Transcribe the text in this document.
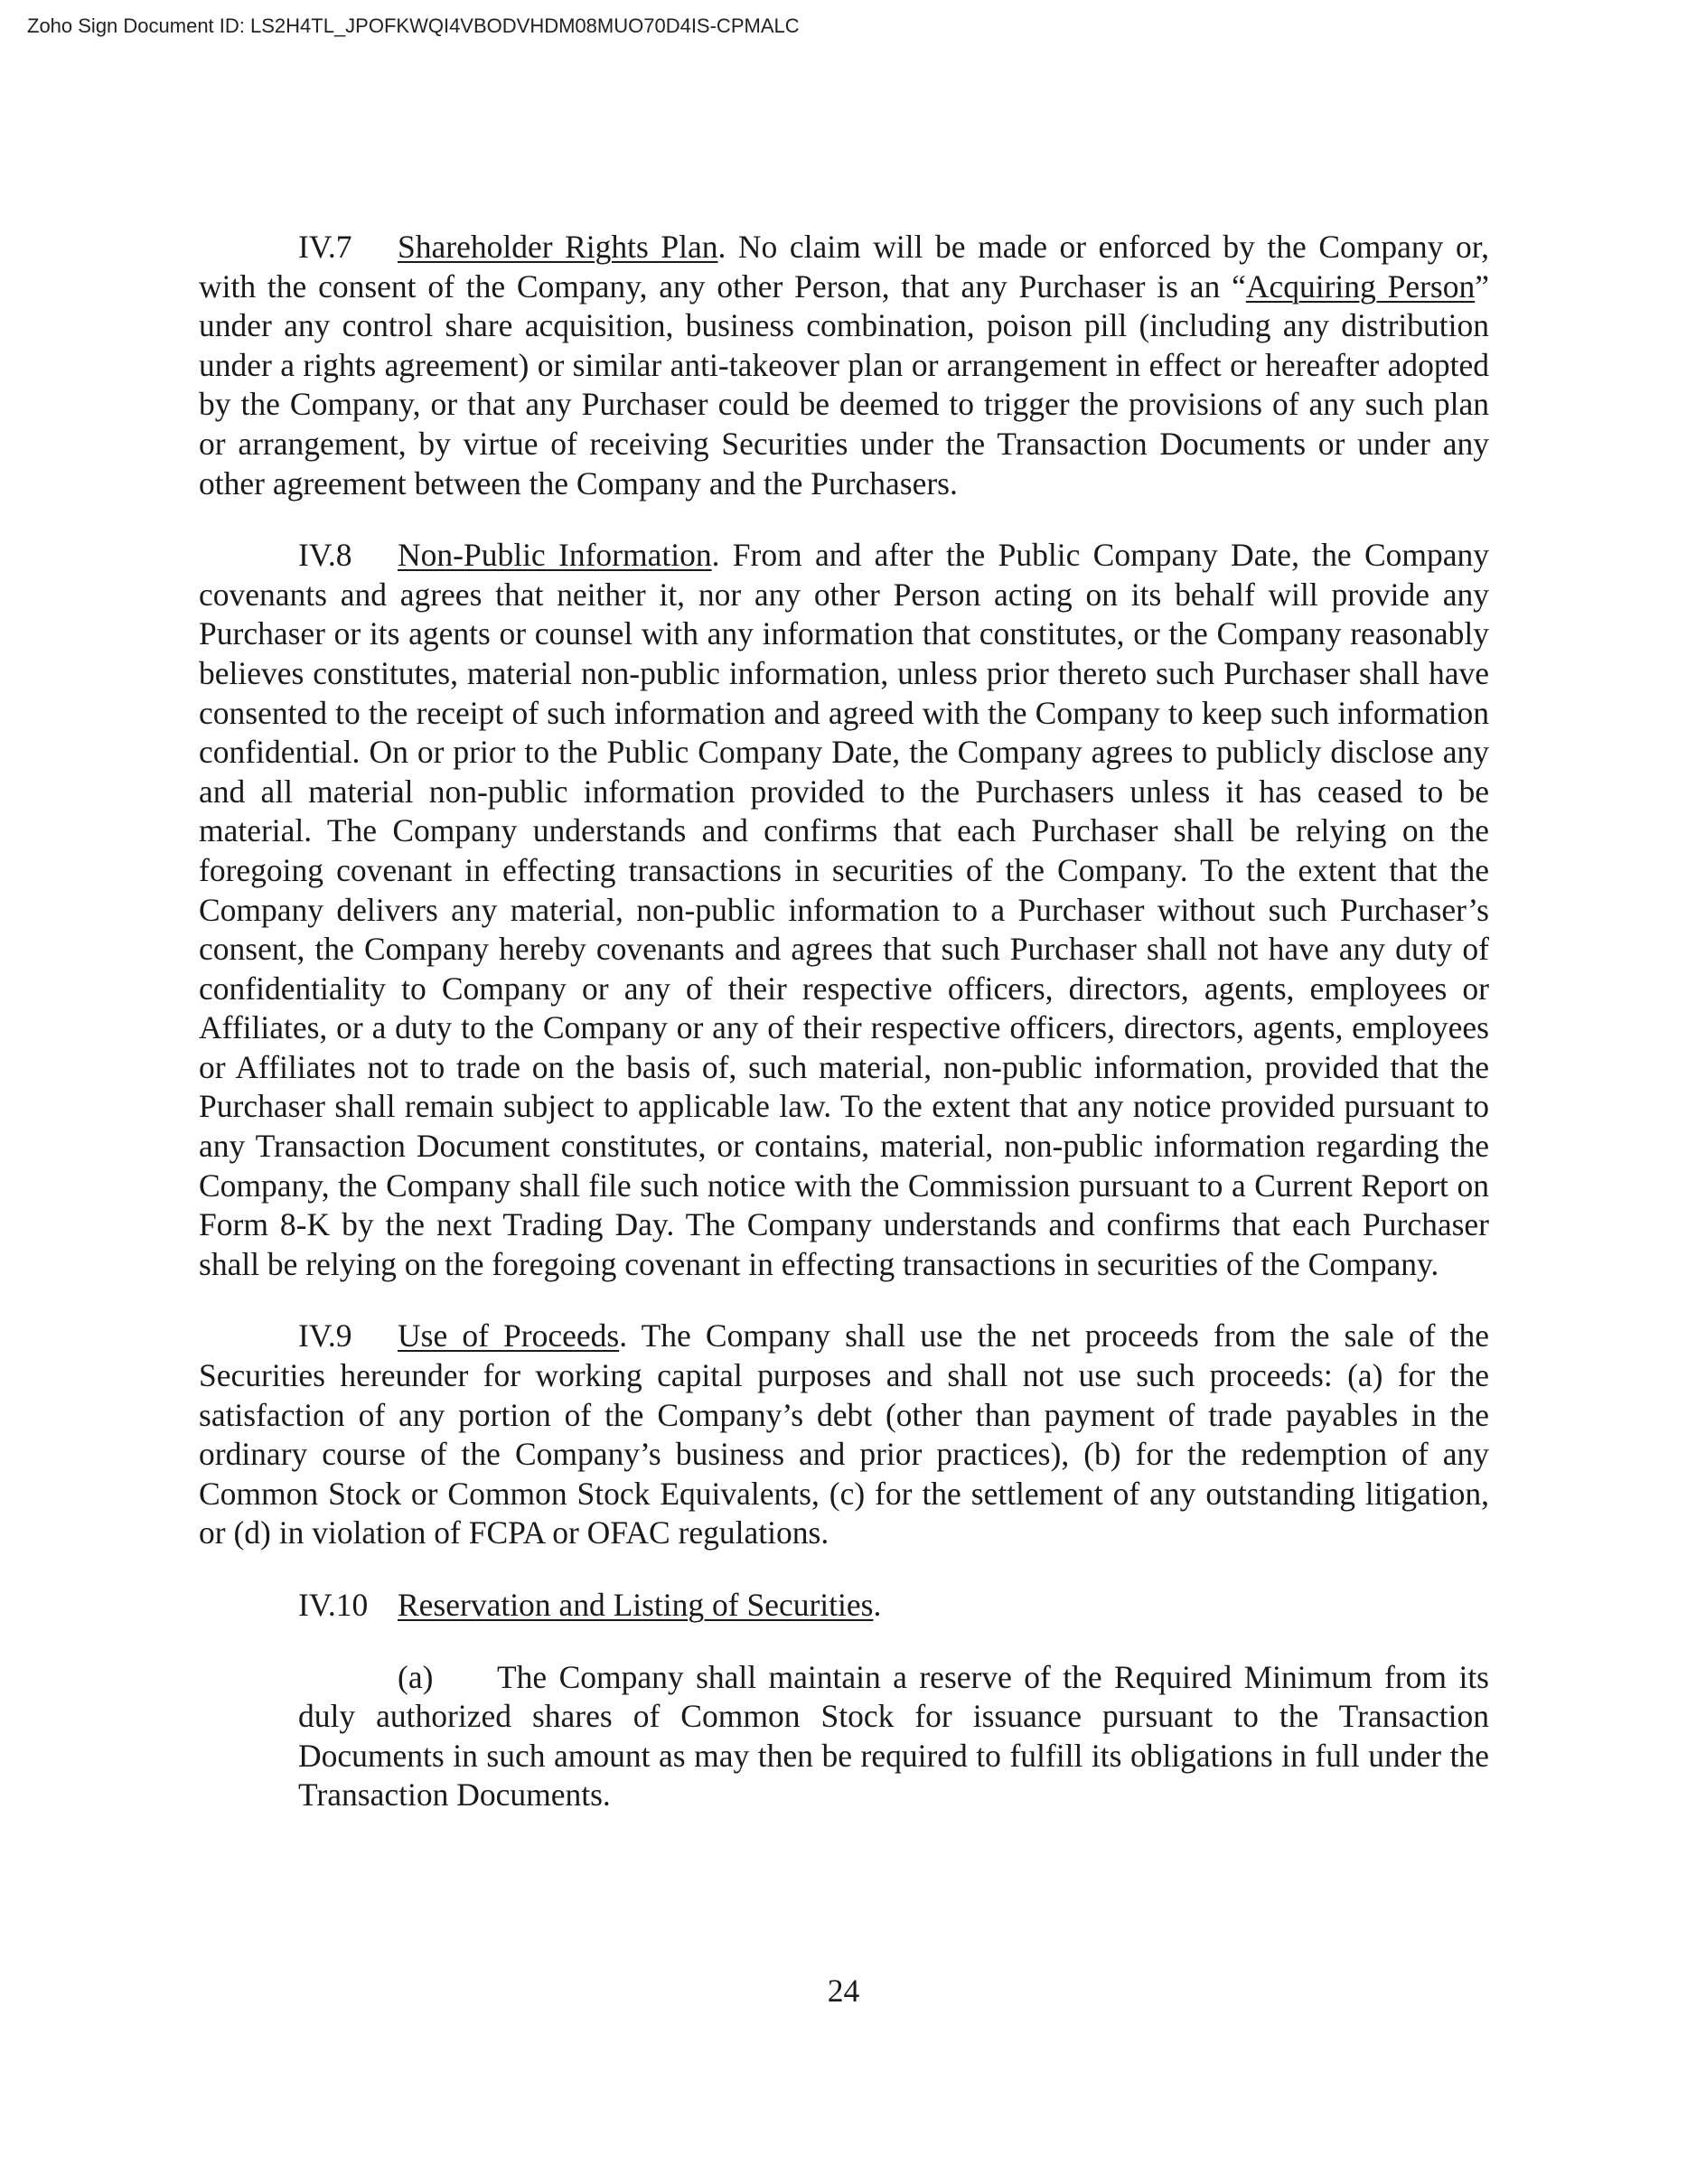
Zoho Sign Document ID: LS2H4TL_JPOFKWQI4VBODVHDM08MUO70D4IS-CPMALC

IV.7 Shareholder Rights Plan. No claim will be made or enforced by the Company or, with the consent of the Company, any other Person, that any Purchaser is an “Acquiring Person” under any control share acquisition, business combination, poison pill (including any distribution under a rights agreement) or similar anti-takeover plan or arrangement in effect or hereafter adopted by the Company, or that any Purchaser could be deemed to trigger the provisions of any such plan or arrangement, by virtue of receiving Securities under the Transaction Documents or under any other agreement between the Company and the Purchasers.

IV.8 Non-Public Information. From and after the Public Company Date, the Company covenants and agrees that neither it, nor any other Person acting on its behalf will provide any Purchaser or its agents or counsel with any information that constitutes, or the Company reasonably believes constitutes, material non-public information, unless prior thereto such Purchaser shall have consented to the receipt of such information and agreed with the Company to keep such information confidential. On or prior to the Public Company Date, the Company agrees to publicly disclose any and all material non-public information provided to the Purchasers unless it has ceased to be material. The Company understands and confirms that each Purchaser shall be relying on the foregoing covenant in effecting transactions in securities of the Company. To the extent that the Company delivers any material, non-public information to a Purchaser without such Purchaser’s consent, the Company hereby covenants and agrees that such Purchaser shall not have any duty of confidentiality to Company or any of their respective officers, directors, agents, employees or Affiliates, or a duty to the Company or any of their respective officers, directors, agents, employees or Affiliates not to trade on the basis of, such material, non-public information, provided that the Purchaser shall remain subject to applicable law. To the extent that any notice provided pursuant to any Transaction Document constitutes, or contains, material, non-public information regarding the Company, the Company shall file such notice with the Commission pursuant to a Current Report on Form 8-K by the next Trading Day. The Company understands and confirms that each Purchaser shall be relying on the foregoing covenant in effecting transactions in securities of the Company.

IV.9 Use of Proceeds. The Company shall use the net proceeds from the sale of the Securities hereunder for working capital purposes and shall not use such proceeds: (a) for the satisfaction of any portion of the Company’s debt (other than payment of trade payables in the ordinary course of the Company’s business and prior practices), (b) for the redemption of any Common Stock or Common Stock Equivalents, (c) for the settlement of any outstanding litigation, or (d) in violation of FCPA or OFAC regulations.

IV.10 Reservation and Listing of Securities.

(a) The Company shall maintain a reserve of the Required Minimum from its duly authorized shares of Common Stock for issuance pursuant to the Transaction Documents in such amount as may then be required to fulfill its obligations in full under the Transaction Documents.

24
